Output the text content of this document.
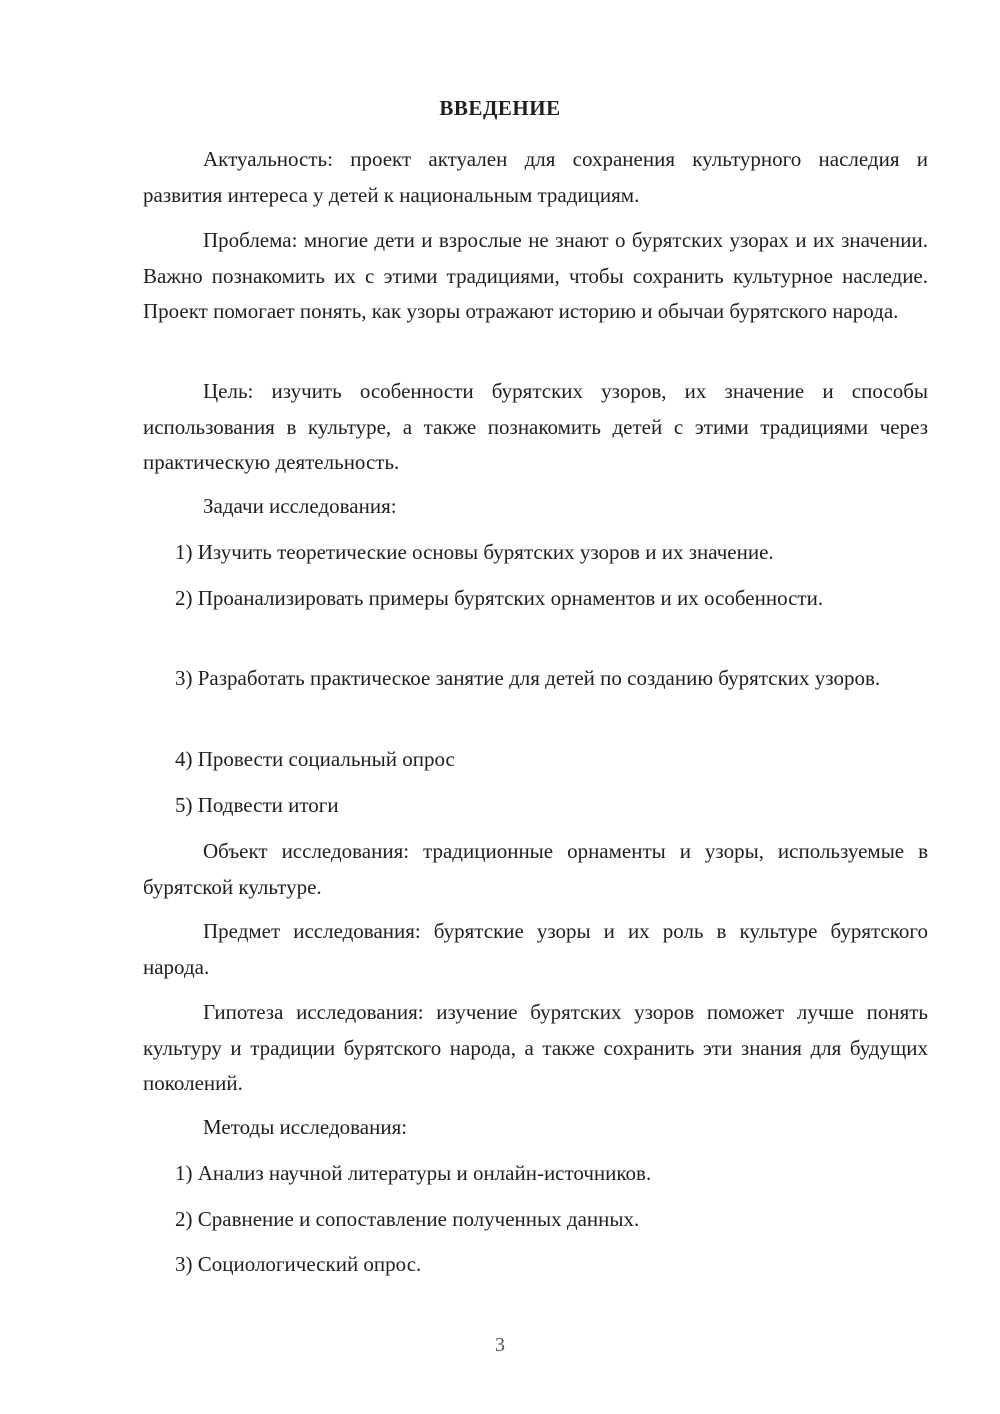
ВВЕДЕНИЕ

Актуальность: проект актуален для сохранения культурного наследия и развития интереса у детей к национальным традициям.

Проблема: многие дети и взрослые не знают о бурятских узорах и их значении. Важно познакомить их с этими традициями, чтобы сохранить культурное наследие. Проект помогает понять, как узоры отражают историю и обычаи бурятского народа.

Цель: изучить особенности бурятских узоров, их значение и способы использования в культуре, а также познакомить детей с этими традициями через практическую деятельность.

Задачи исследования:

1) Изучить теоретические основы бурятских узоров и их значение.

2) Проанализировать примеры бурятских орнаментов и их особенности.

3) Разработать практическое занятие для детей по созданию бурятских узоров.

4) Провести социальный опрос

5) Подвести итоги

Объект исследования: традиционные орнаменты и узоры, используемые в бурятской культуре.

Предмет исследования: бурятские узоры и их роль в культуре бурятского народа.

Гипотеза исследования: изучение бурятских узоров поможет лучше понять культуру и традиции бурятского народа, а также сохранить эти знания для будущих поколений.

Методы исследования:

1) Анализ научной литературы и онлайн-источников.

2) Сравнение и сопоставление полученных данных.

3) Социологический опрос.

3
